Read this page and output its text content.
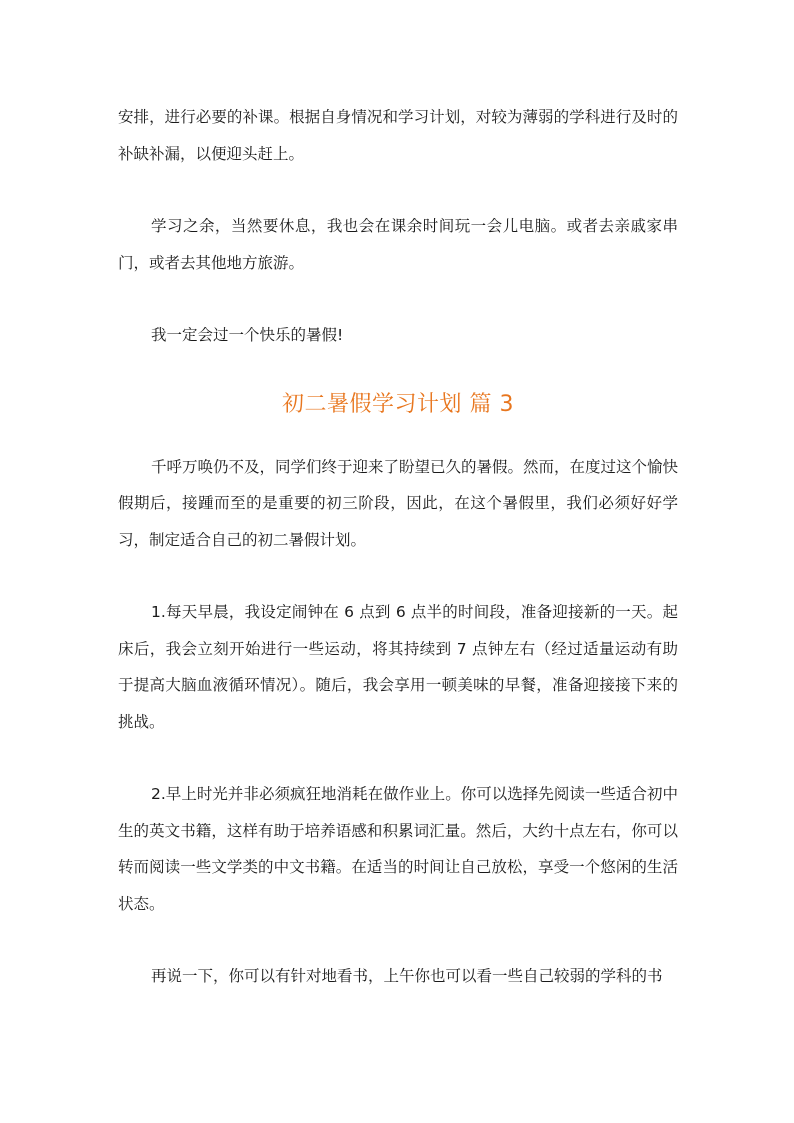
安排，进行必要的补课。根据自身情况和学习计划，对较为薄弱的学科进行及时的补缺补漏，以便迎头赶上。

学习之余，当然要休息，我也会在课余时间玩一会儿电脑。或者去亲戚家串门，或者去其他地方旅游。

我一定会过一个快乐的暑假!

初二暑假学习计划 篇 3

千呼万唤仍不及，同学们终于迎来了盼望已久的暑假。然而，在度过这个愉快假期后，接踵而至的是重要的初三阶段，因此，在这个暑假里，我们必须好好学习，制定适合自己的初二暑假计划。

1.每天早晨，我设定闹钟在 6 点到 6 点半的时间段，准备迎接新的一天。起床后，我会立刻开始进行一些运动，将其持续到 7 点钟左右（经过适量运动有助于提高大脑血液循环情况）。随后，我会享用一顿美味的早餐，准备迎接接下来的挑战。

2.早上时光并非必须疯狂地消耗在做作业上。你可以选择先阅读一些适合初中生的英文书籍，这样有助于培养语感和积累词汇量。然后，大约十点左右，你可以转而阅读一些文学类的中文书籍。在适当的时间让自己放松，享受一个悠闲的生活状态。

再说一下，你可以有针对地看书，上午你也可以看一些自己较弱的学科的书
